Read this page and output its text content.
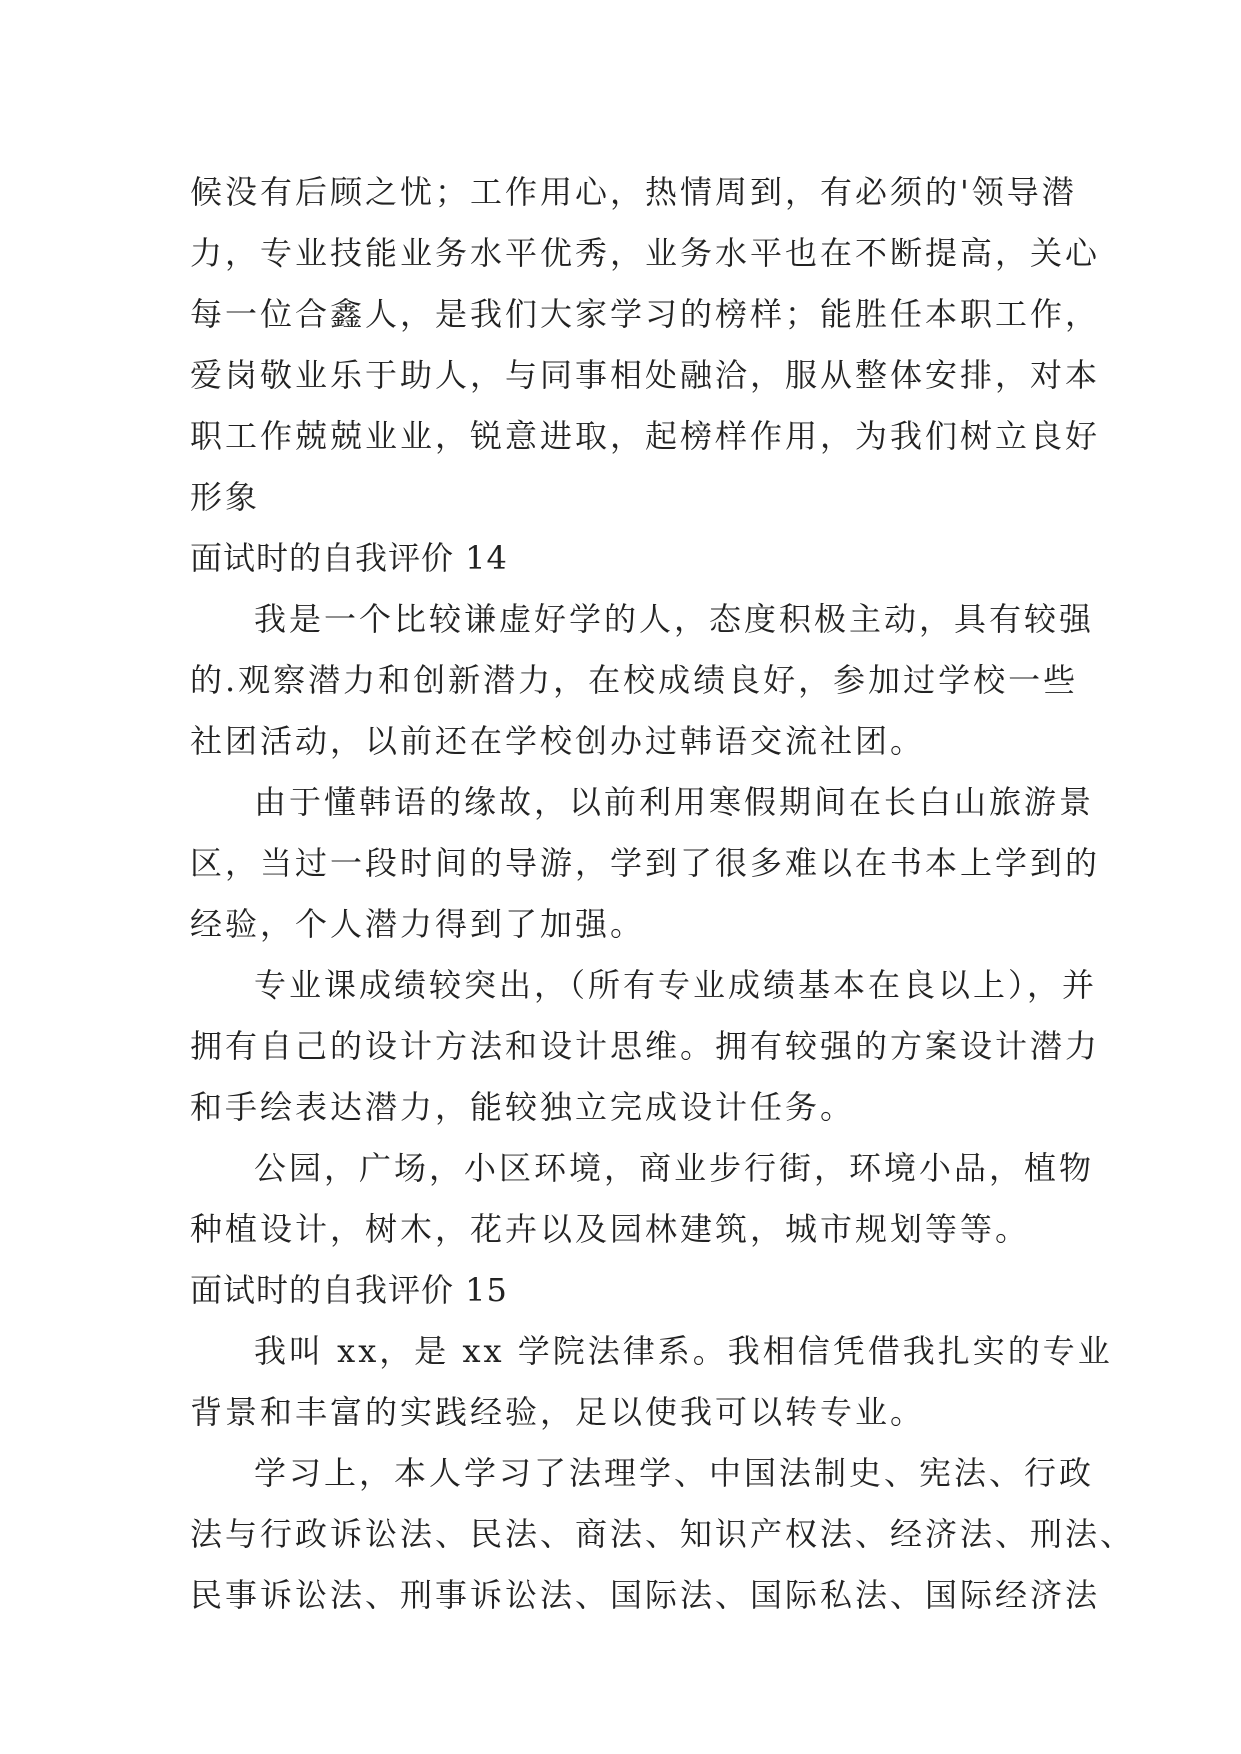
候没有后顾之忧；工作用心，热情周到，有必须的'领导潜
力，专业技能业务水平优秀，业务水平也在不断提高，关心
每一位合鑫人，是我们大家学习的榜样；能胜任本职工作，
爱岗敬业乐于助人，与同事相处融洽，服从整体安排，对本
职工作兢兢业业，锐意进取，起榜样作用，为我们树立良好
形象
面试时的自我评价 14
我是一个比较谦虚好学的人，态度积极主动，具有较强
的.观察潜力和创新潜力，在校成绩良好，参加过学校一些
社团活动，以前还在学校创办过韩语交流社团。
由于懂韩语的缘故，以前利用寒假期间在长白山旅游景
区，当过一段时间的导游，学到了很多难以在书本上学到的
经验，个人潜力得到了加强。
专业课成绩较突出，（所有专业成绩基本在良以上），并
拥有自己的设计方法和设计思维。拥有较强的方案设计潜力
和手绘表达潜力，能较独立完成设计任务。
公园，广场，小区环境，商业步行街，环境小品，植物
种植设计，树木，花卉以及园林建筑，城市规划等等。
面试时的自我评价 15
我叫 xx，是 xx 学院法律系。我相信凭借我扎实的专业
背景和丰富的实践经验，足以使我可以转专业。
学习上，本人学习了法理学、中国法制史、宪法、行政
法与行政诉讼法、民法、商法、知识产权法、经济法、刑法、
民事诉讼法、刑事诉讼法、国际法、国际私法、国际经济法
